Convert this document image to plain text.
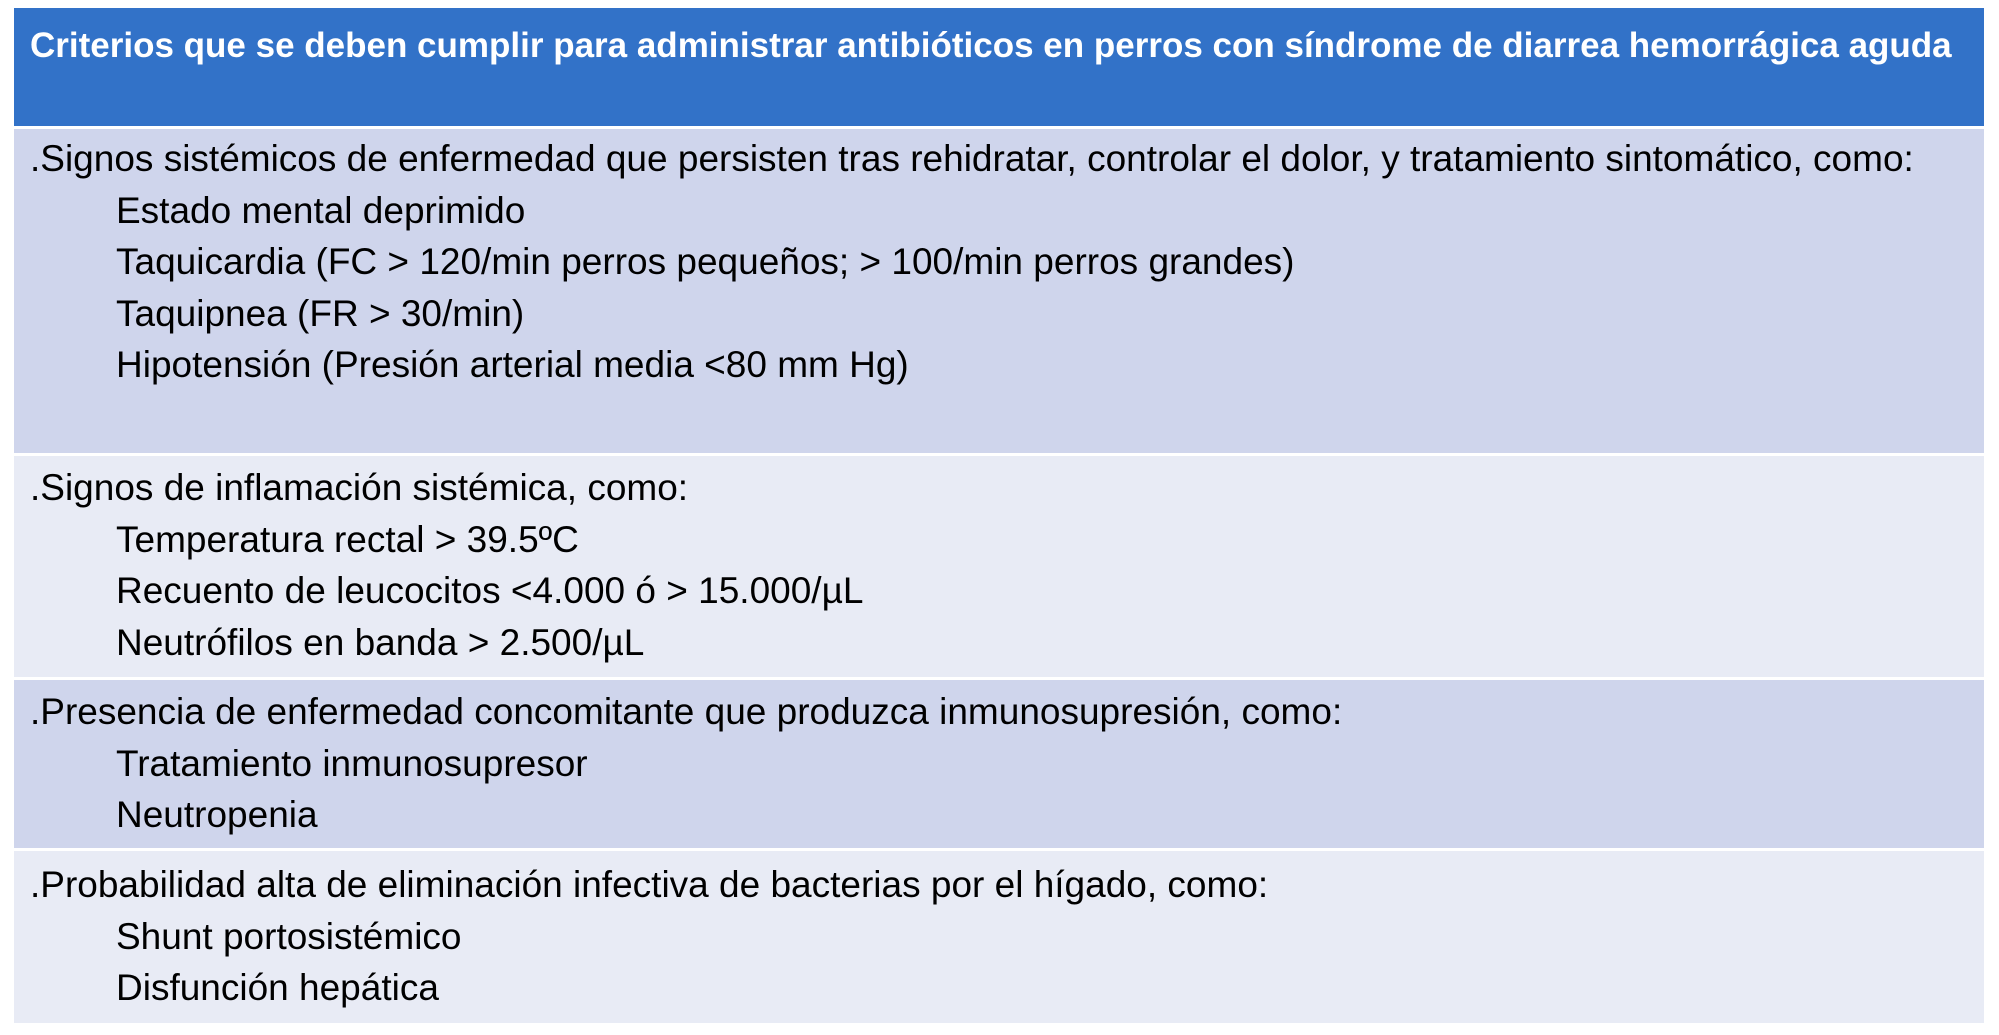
Criterios que se deben cumplir para administrar antibióticos en perros con síndrome de diarrea hemorrágica aguda

.Signos sistémicos de enfermedad que persisten tras rehidratar, controlar el dolor, y tratamiento sintomático, como:

Estado mental deprimido
Taquicardia (FC > 120/min perros pequeños; > 100/min perros grandes)
Taquipnea (FR > 30/min)
Hipotensión (Presión arterial media <80 mm Hg)

.Signos de inflamación sistémica, como:

Temperatura rectal > 39.5ºC
Recuento de leucocitos <4.000 ó > 15.000/µL
Neutrófilos en banda > 2.500/µL

.Presencia de enfermedad concomitante que produzca inmunosupresión, como:

Tratamiento inmunosupresor
Neutropenia

.Probabilidad alta de eliminación infectiva de bacterias por el hígado, como:

Shunt portosistémico
Disfunción hepática
